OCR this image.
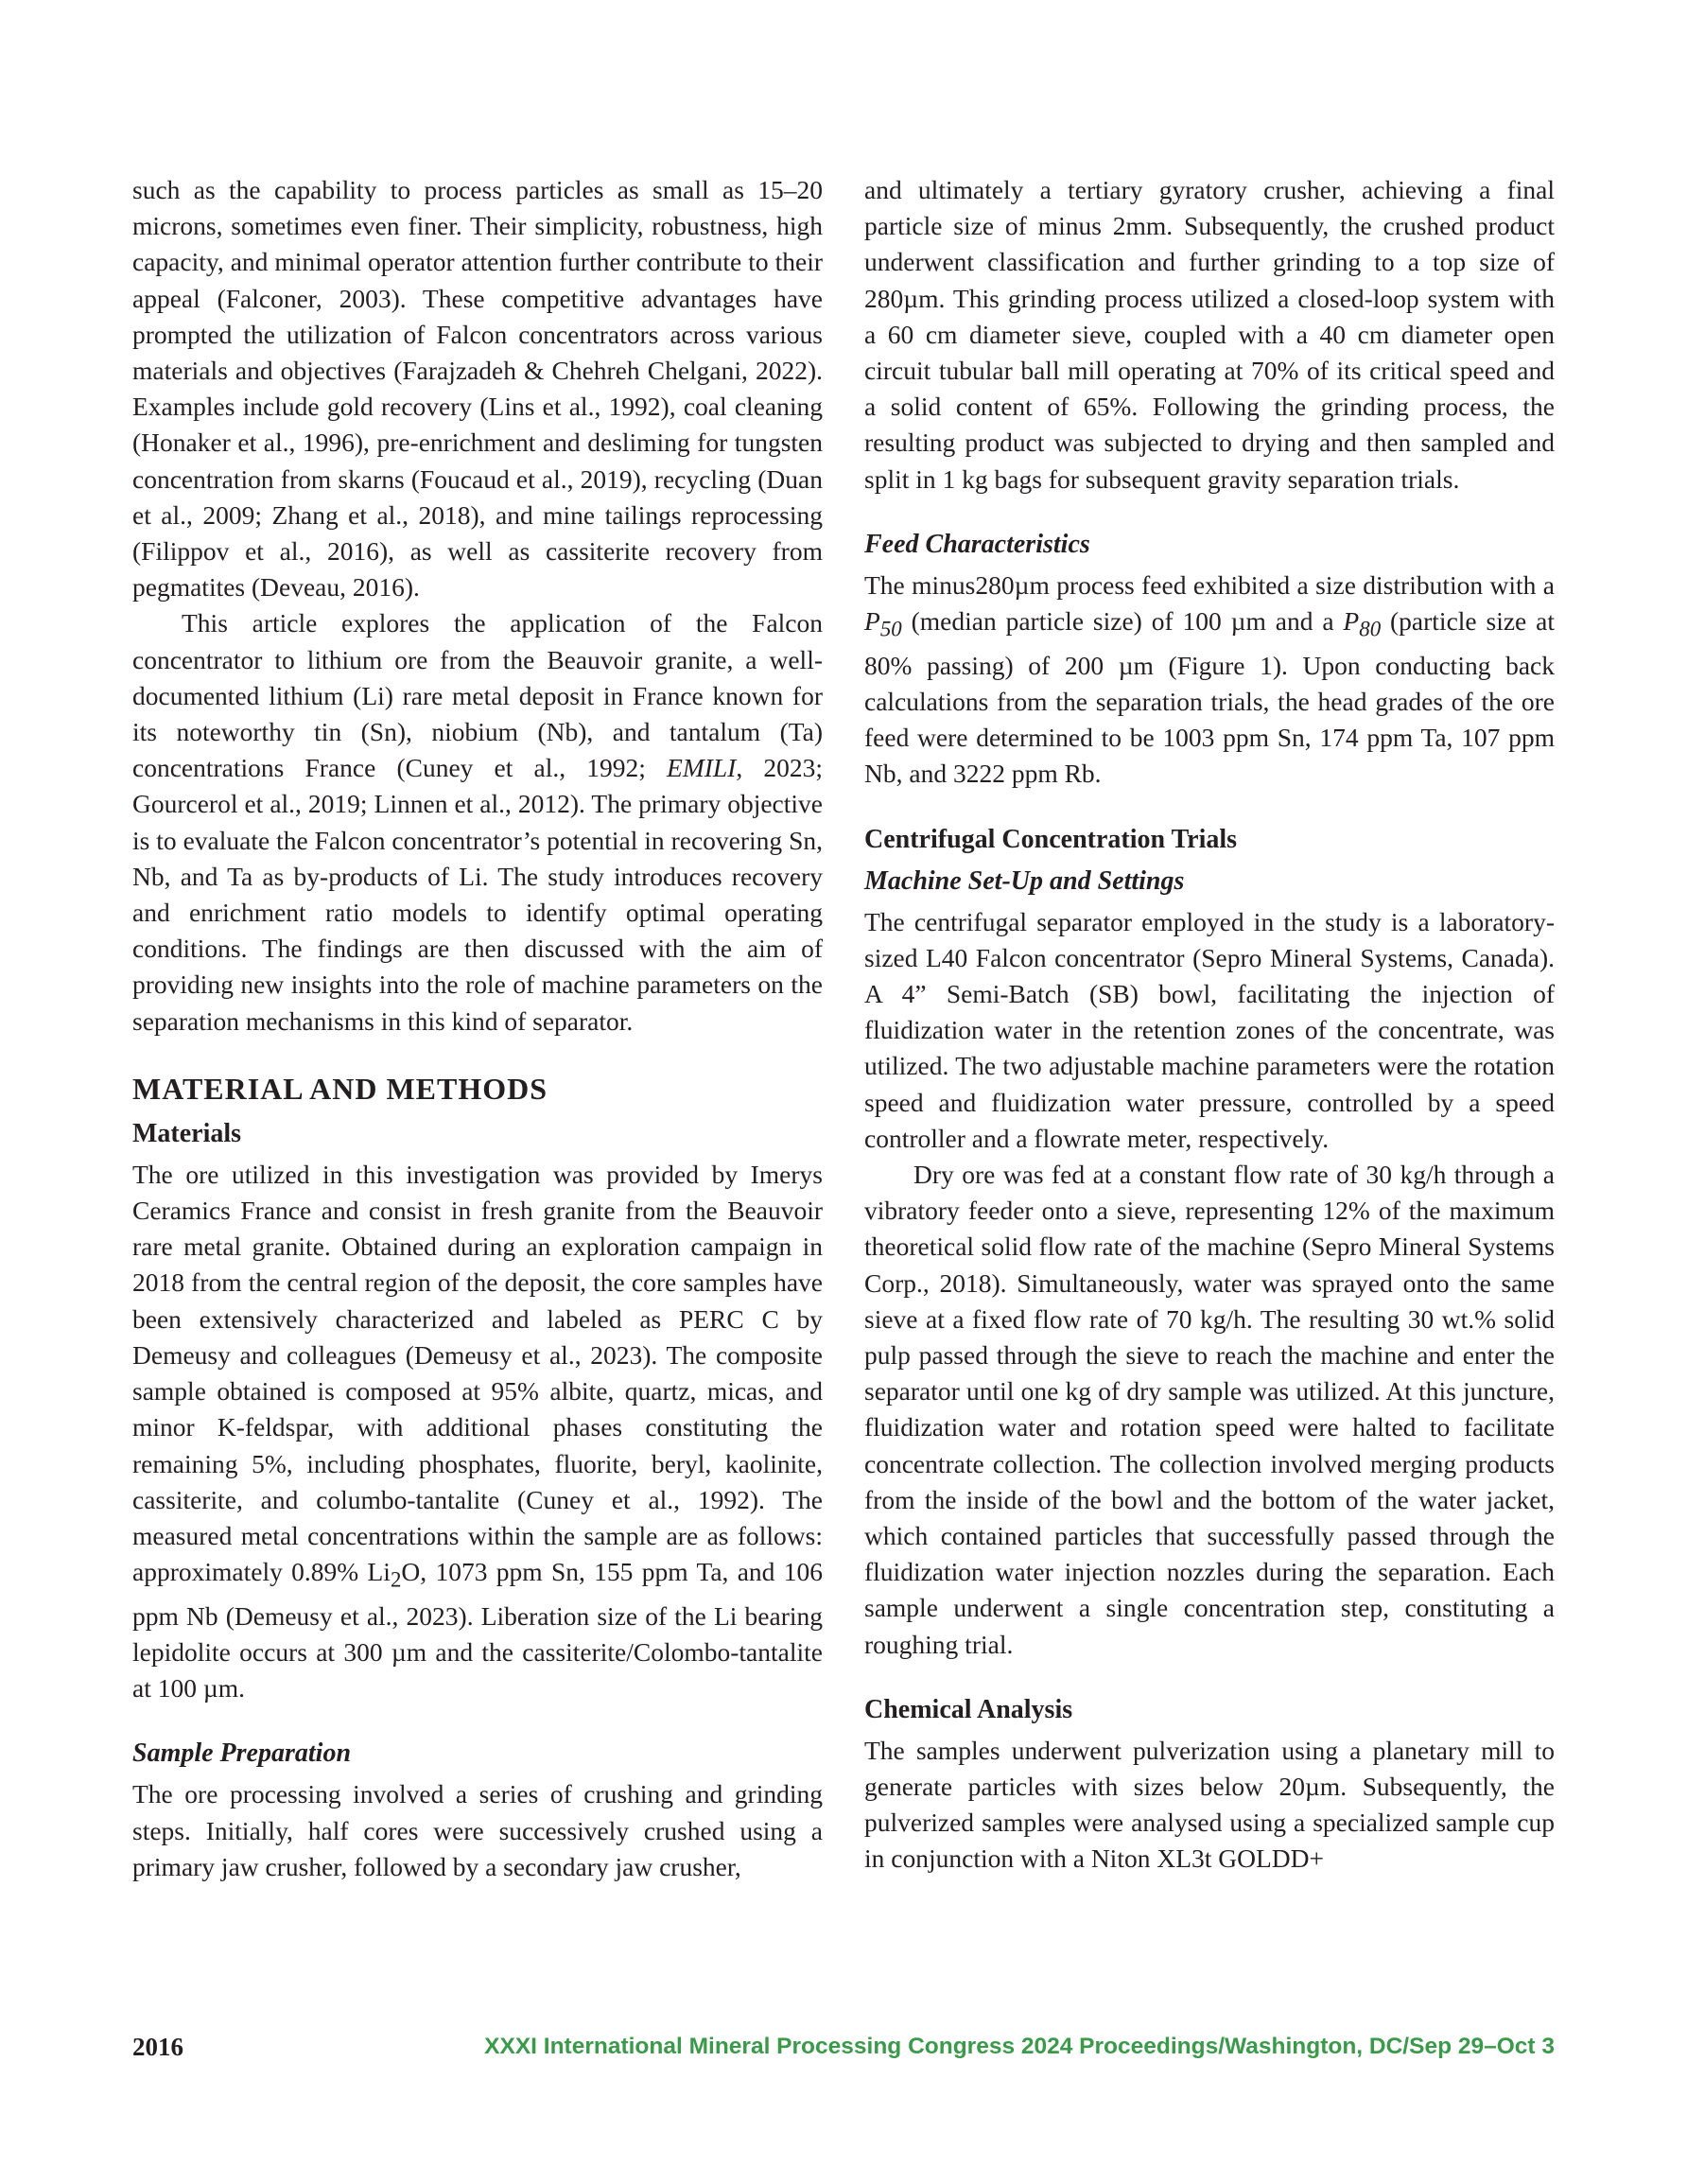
such as the capability to process particles as small as 15–20 microns, sometimes even finer. Their simplicity, robustness, high capacity, and minimal operator attention further contribute to their appeal (Falconer, 2003). These competitive advantages have prompted the utilization of Falcon concentrators across various materials and objectives (Farajzadeh & Chehreh Chelgani, 2022). Examples include gold recovery (Lins et al., 1992), coal cleaning (Honaker et al., 1996), pre-enrichment and desliming for tungsten concentration from skarns (Foucaud et al., 2019), recycling (Duan et al., 2009; Zhang et al., 2018), and mine tailings reprocessing (Filippov et al., 2016), as well as cassiterite recovery from pegmatites (Deveau, 2016).

This article explores the application of the Falcon concentrator to lithium ore from the Beauvoir granite, a well-documented lithium (Li) rare metal deposit in France known for its noteworthy tin (Sn), niobium (Nb), and tantalum (Ta) concentrations France (Cuney et al., 1992; EMILI, 2023; Gourcerol et al., 2019; Linnen et al., 2012). The primary objective is to evaluate the Falcon concentrator’s potential in recovering Sn, Nb, and Ta as by-products of Li. The study introduces recovery and enrichment ratio models to identify optimal operating conditions. The findings are then discussed with the aim of providing new insights into the role of machine parameters on the separation mechanisms in this kind of separator.

MATERIAL AND METHODS
Materials

The ore utilized in this investigation was provided by Imerys Ceramics France and consist in fresh granite from the Beauvoir rare metal granite. Obtained during an exploration campaign in 2018 from the central region of the deposit, the core samples have been extensively characterized and labeled as PERC C by Demeusy and colleagues (Demeusy et al., 2023). The composite sample obtained is composed at 95% albite, quartz, micas, and minor K-feldspar, with additional phases constituting the remaining 5%, including phosphates, fluorite, beryl, kaolinite, cassiterite, and columbo-tantalite (Cuney et al., 1992). The measured metal concentrations within the sample are as follows: approximately 0.89% $Li_2O$, 1073 ppm Sn, 155 ppm Ta, and 106 ppm Nb (Demeusy et al., 2023). Liberation size of the Li bearing lepidolite occurs at 300 µm and the cassiterite/Colombo-tantalite at 100 µm.

Sample Preparation

The ore processing involved a series of crushing and grinding steps. Initially, half cores were successively crushed using a primary jaw crusher, followed by a secondary jaw crusher,

and ultimately a tertiary gyratory crusher, achieving a final particle size of minus 2mm. Subsequently, the crushed product underwent classification and further grinding to a top size of 280µm. This grinding process utilized a closed-loop system with a 60 cm diameter sieve, coupled with a 40 cm diameter open circuit tubular ball mill operating at 70% of its critical speed and a solid content of 65%. Following the grinding process, the resulting product was subjected to drying and then sampled and split in 1 kg bags for subsequent gravity separation trials.

Feed Characteristics

The minus280µm process feed exhibited a size distribution with a $P_{50}$ (median particle size) of 100 µm and a $P_{80}$ (particle size at 80% passing) of 200 µm (Figure 1). Upon conducting back calculations from the separation trials, the head grades of the ore feed were determined to be 1003 ppm Sn, 174 ppm Ta, 107 ppm Nb, and 3222 ppm Rb.

Centrifugal Concentration Trials
Machine Set-Up and Settings

The centrifugal separator employed in the study is a laboratory-sized L40 Falcon concentrator (Sepro Mineral Systems, Canada). A 4” Semi-Batch (SB) bowl, facilitating the injection of fluidization water in the retention zones of the concentrate, was utilized. The two adjustable machine parameters were the rotation speed and fluidization water pressure, controlled by a speed controller and a flowrate meter, respectively.

Dry ore was fed at a constant flow rate of 30 kg/h through a vibratory feeder onto a sieve, representing 12% of the maximum theoretical solid flow rate of the machine (Sepro Mineral Systems Corp., 2018). Simultaneously, water was sprayed onto the same sieve at a fixed flow rate of 70 kg/h. The resulting 30 wt.% solid pulp passed through the sieve to reach the machine and enter the separator until one kg of dry sample was utilized. At this juncture, fluidization water and rotation speed were halted to facilitate concentrate collection. The collection involved merging products from the inside of the bowl and the bottom of the water jacket, which contained particles that successfully passed through the fluidization water injection nozzles during the separation. Each sample underwent a single concentration step, constituting a roughing trial.

Chemical Analysis

The samples underwent pulverization using a planetary mill to generate particles with sizes below 20µm. Subsequently, the pulverized samples were analysed using a specialized sample cup in conjunction with a Niton XL3t GOLDD+

2016	XXXI International Mineral Processing Congress 2024 Proceedings/Washington, DC/Sep 29–Oct 3
